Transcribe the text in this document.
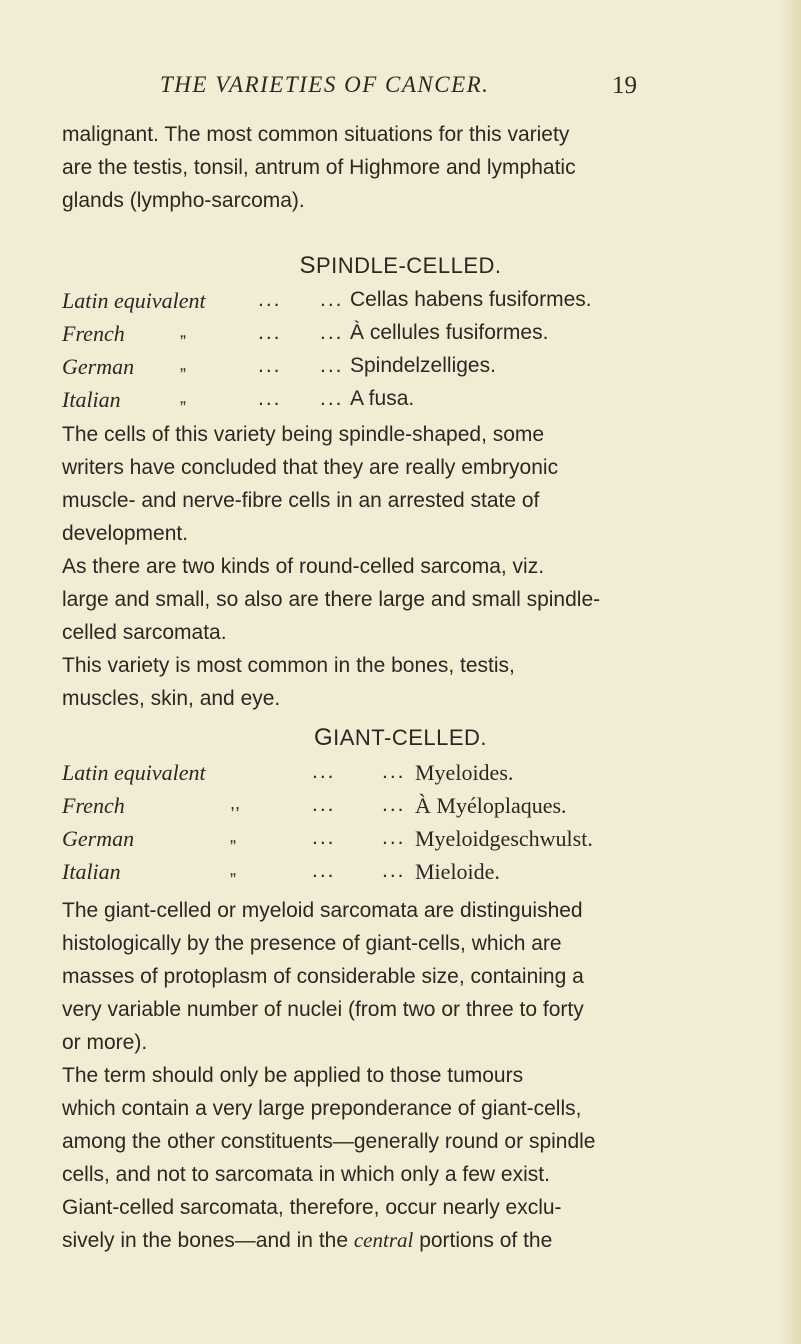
THE VARIETIES OF CANCER.	19

malignant. The most common situations for this variety
are the testis, tonsil, antrum of Highmore and lymphatic
glands (lympho-sarcoma).

SPINDLE-CELLED.
Latin equivalent ... ... Cellas habens fusiformes.
French	„	... ... À cellules fusiformes.
German	„	... ... Spindelzelliges.
Italian	„	... ... A fusa.

The cells of this variety being spindle-shaped, some
writers have concluded that they are really embryonic
muscle- and nerve-fibre cells in an arrested state of
development.

As there are two kinds of round-celled sarcoma, viz.
large and small, so also are there large and small spindle-
celled sarcomata.

This variety is most common in the bones, testis,
muscles, skin, and eye.

GIANT-CELLED.
Latin equivalent	... ... Myeloides.
French	,,	... ... À Myéloplaques.
German	„	... ... Myeloidgeschwulst.
Italian	„	... ... Mieloide.

The giant-celled or myeloid sarcomata are distinguished
histologically by the presence of giant-cells, which are
masses of protoplasm of considerable size, containing a
very variable number of nuclei (from two or three to forty
or more).

The term should only be applied to those tumours
which contain a very large preponderance of giant-cells,
among the other constituents—generally round or spindle
cells, and not to sarcomata in which only a few exist.

Giant-celled sarcomata, therefore, occur nearly exclu-
sively in the bones—and in the central portions of the
